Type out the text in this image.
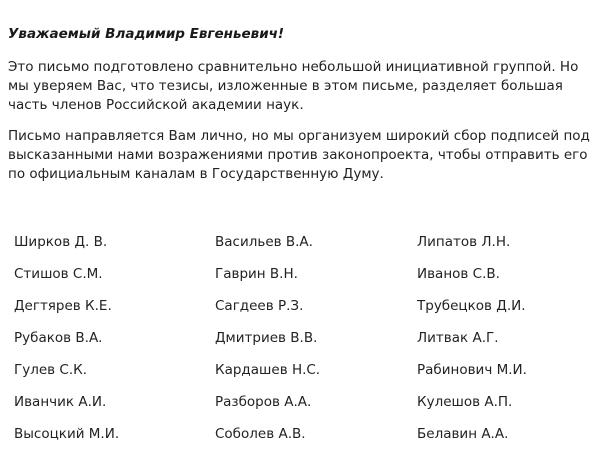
Уважаемый Владимир Евгеньевич!

Это письмо подготовлено сравнительно небольшой инициативной группой. Но мы уверяем Вас, что тезисы, изложенные в этом письме, разделяет большая часть членов Российской академии наук.

Письмо направляется Вам лично, но мы организуем широкий сбор подписей под высказанными нами возражениями против законопроекта, чтобы отправить его по официальным каналам в Государственную Думу.

Ширков Д. В.	Васильев В.А.	Липатов Л.Н.
Стишов С.М.	Гаврин В.Н.	Иванов С.В.
Дегтярев К.Е.	Сагдеев Р.З.	Трубецков Д.И.
Рубаков В.А.	Дмитриев В.В.	Литвак А.Г.
Гулев С.К.	Кардашев Н.С.	Рабинович М.И.
Иванчик А.И.	Разборов А.А.	Кулешов А.П.
Высоцкий М.И.	Соболев А.В.	Белавин А.А.
